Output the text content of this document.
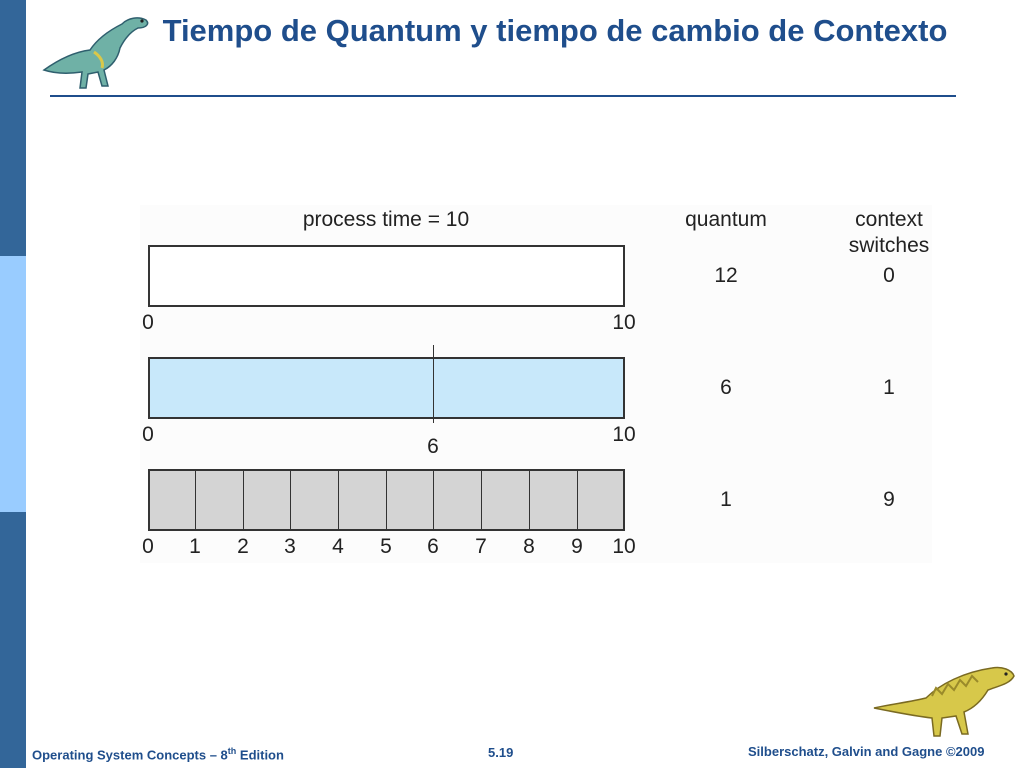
Tiempo de Quantum y tiempo de cambio de Contexto
process time = 10	quantum	context
switches
0	10
12	0
0
6
10
6	1
0 1 2 3 4 5 6 7 8 9 10
1	9
Operating System Concepts – 8th Edition	5.19	Silberschatz, Galvin and Gagne ©2009
